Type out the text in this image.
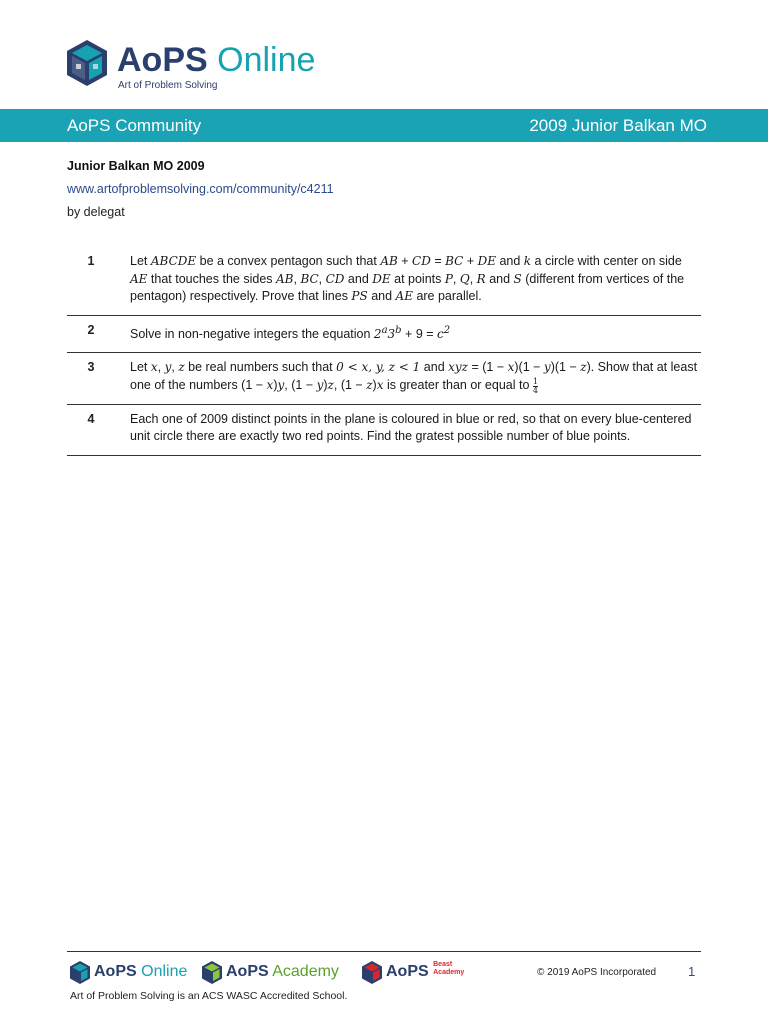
AoPS Online
Art of Problem Solving
AoPS Community	2009 Junior Balkan MO
Junior Balkan MO 2009
www.artofproblemsolving.com/community/c4211
by delegat
1	Let ABCDE be a convex pentagon such that AB + CD = BC + DE and k a circle with center on side AE that touches the sides AB, BC, CD and DE at points P, Q, R and S (different from vertices of the pentagon) respectively. Prove that lines PS and AE are parallel.
2	Solve in non-negative integers the equation $2^a3^b + 9 = c^2$
3	Let x, y, z be real numbers such that 0 < x, y, z < 1 and xyz = (1 − x)(1 − y)(1 − z). Show that at least one of the numbers (1 − x)y, (1 − y)z, (1 − z)x is greater than or equal to $\frac{1}{4}$
4	Each one of 2009 distinct points in the plane is coloured in blue or red, so that on every blue-centered unit circle there are exactly two red points. Find the gratest possible number of blue points.
AoPS Online AoPS Academy	AoPS Beast Academy	© 2019 AoPS Incorporated 1
Art of Problem Solving is an ACS WASC Accredited School.
